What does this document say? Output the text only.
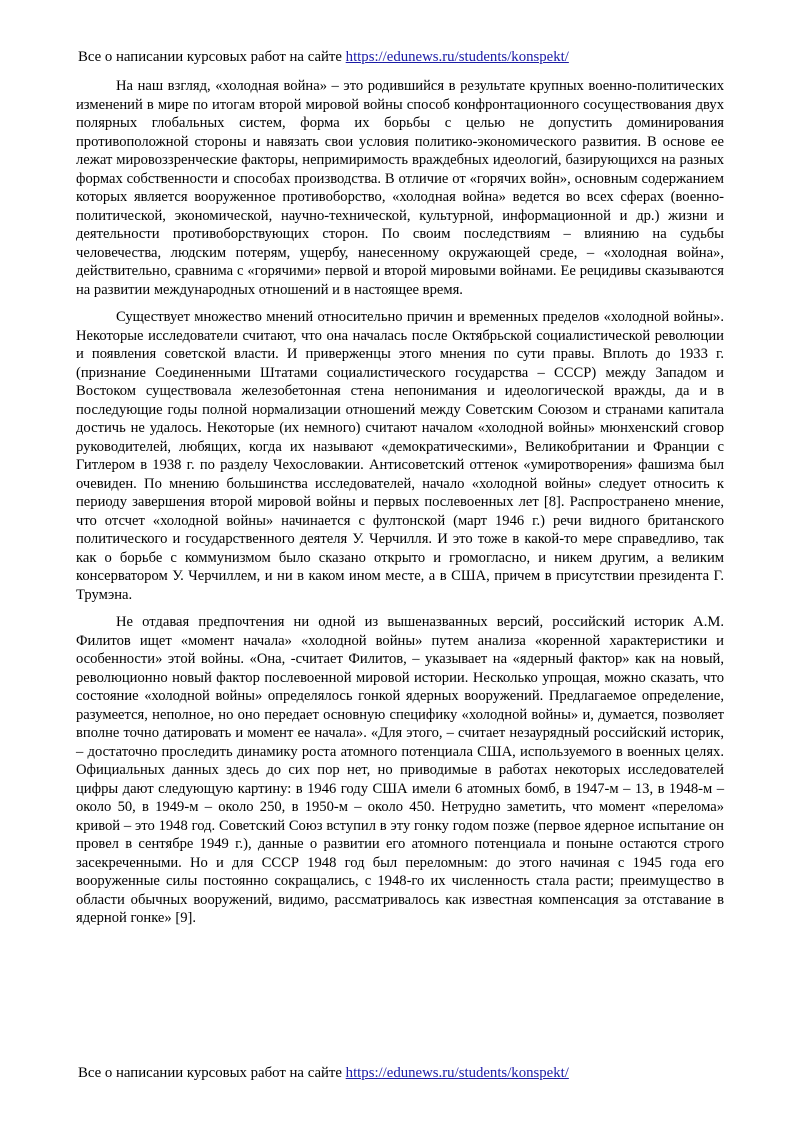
Все о написании курсовых работ на сайте https://edunews.ru/students/konspekt/

На наш взгляд, «холодная война» – это родившийся в результате крупных военно-политических изменений в мире по итогам второй мировой войны способ конфронтационного сосуществования двух полярных глобальных систем, форма их борьбы с целью не допустить доминирования противоположной стороны и навязать свои условия политико-экономического развития. В основе ее лежат мировоззренческие факторы, непримиримость враждебных идеологий, базирующихся на разных формах собственности и способах производства. В отличие от «горячих войн», основным содержанием которых является вооруженное противоборство, «холодная война» ведется во всех сферах (военно-политической, экономической, научно-технической, культурной, информационной и др.) жизни и деятельности противоборствующих сторон. По своим последствиям – влиянию на судьбы человечества, людским потерям, ущербу, нанесенному окружающей среде, – «холодная война», действительно, сравнима с «горячими» первой и второй мировыми войнами. Ее рецидивы сказываются на развитии международных отношений и в настоящее время.

Существует множество мнений относительно причин и временных пределов «холодной войны». Некоторые исследователи считают, что она началась после Октябрьской социалистической революции и появления советской власти. И приверженцы этого мнения по сути правы. Вплоть до 1933 г. (признание Соединенными Штатами социалистического государства – СССР) между Западом и Востоком существовала железобетонная стена непонимания и идеологической вражды, да и в последующие годы полной нормализации отношений между Советским Союзом и странами капитала достичь не удалось. Некоторые (их немного) считают началом «холодной войны» мюнхенский сговор руководителей, любящих, когда их называют «демократическими», Великобритании и Франции с Гитлером в 1938 г. по разделу Чехословакии. Антисоветский оттенок «умиротворения» фашизма был очевиден. По мнению большинства исследователей, начало «холодной войны» следует относить к периоду завершения второй мировой войны и первых послевоенных лет [8]. Распространено мнение, что отсчет «холодной войны» начинается с фултонской (март 1946 г.) речи видного британского политического и государственного деятеля У. Черчилля. И это тоже в какой-то мере справедливо, так как о борьбе с коммунизмом было сказано открыто и громогласно, и никем другим, а великим консерватором У. Черчиллем, и ни в каком ином месте, а в США, причем в присутствии президента Г. Трумэна.

Не отдавая предпочтения ни одной из вышеназванных версий, российский историк А.М. Филитов ищет «момент начала» «холодной войны» путем анализа «коренной характеристики и особенности» этой войны. «Она, -считает Филитов, – указывает на «ядерный фактор» как на новый, революционно новый фактор послевоенной мировой истории. Несколько упрощая, можно сказать, что состояние «холодной войны» определялось гонкой ядерных вооружений. Предлагаемое определение, разумеется, неполное, но оно передает основную специфику «холодной войны» и, думается, позволяет вполне точно датировать и момент ее начала». «Для этого, – считает незаурядный российский историк, – достаточно проследить динамику роста атомного потенциала США, используемого в военных целях. Официальных данных здесь до сих пор нет, но приводимые в работах некоторых исследователей цифры дают следующую картину: в 1946 году США имели 6 атомных бомб, в 1947-м – 13, в 1948-м – около 50, в 1949-м – около 250, в 1950-м – около 450. Нетрудно заметить, что момент «перелома» кривой – это 1948 год. Советский Союз вступил в эту гонку годом позже (первое ядерное испытание он провел в сентябре 1949 г.), данные о развитии его атомного потенциала и поныне остаются строго засекреченными. Но и для СССР 1948 год был переломным: до этого начиная с 1945 года его вооруженные силы постоянно сокращались, с 1948-го их численность стала расти; преимущество в области обычных вооружений, видимо, рассматривалось как известная компенсация за отставание в ядерной гонке» [9].

Все о написании курсовых работ на сайте https://edunews.ru/students/konspekt/
